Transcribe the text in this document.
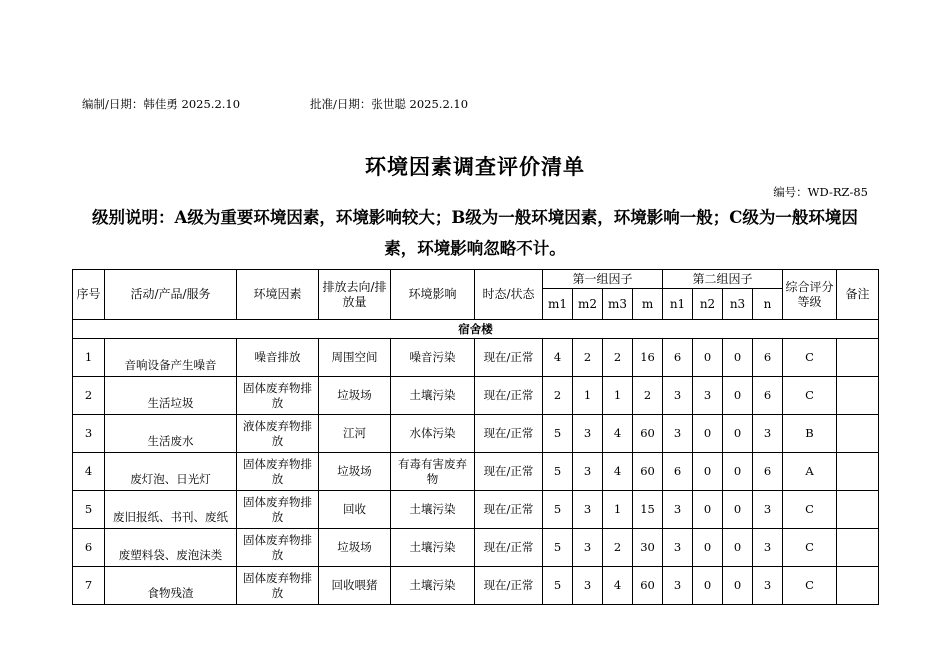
编制/日期：韩佳勇 2025.2.10	批准/日期：张世聪 2025.2.10
环境因素调查评价清单
编号：WD-RZ-85
级别说明：A级为重要环境因素，环境影响较大；B级为一般环境因素，环境影响一般；C级为一般环境因素，环境影响忽略不计。
序号	活动/产品/服务	环境因素	排放去向/排放量	环境影响	时态/状态	第一组因子				第二组因子				综合评分等级	备注
						m1	m2	m3	m	n1	n2	n3	n		
宿舍楼															
1	音响设备产生噪音	噪音排放	周围空间	噪音污染	现在/正常	4	2	2	16	6	0	0	6	C	
2	生活垃圾	固体废弃物排放	垃圾场	土壤污染	现在/正常	2	1	1	2	3	3	0	6	C	
3	生活废水	液体废弃物排放	江河	水体污染	现在/正常	5	3	4	60	3	0	0	3	B	
4	废灯泡、日光灯	固体废弃物排放	垃圾场	有毒有害废弃物	现在/正常	5	3	4	60	6	0	0	6	A	
5	废旧报纸、书刊、废纸	固体废弃物排放	回收	土壤污染	现在/正常	5	3	1	15	3	0	0	3	C	
6	废塑料袋、废泡沫类	固体废弃物排放	垃圾场	土壤污染	现在/正常	5	3	2	30	3	0	0	3	C	
7	食物残渣	固体废弃物排放	回收喂猪	土壤污染	现在/正常	5	3	4	60	3	0	0	3	C	
